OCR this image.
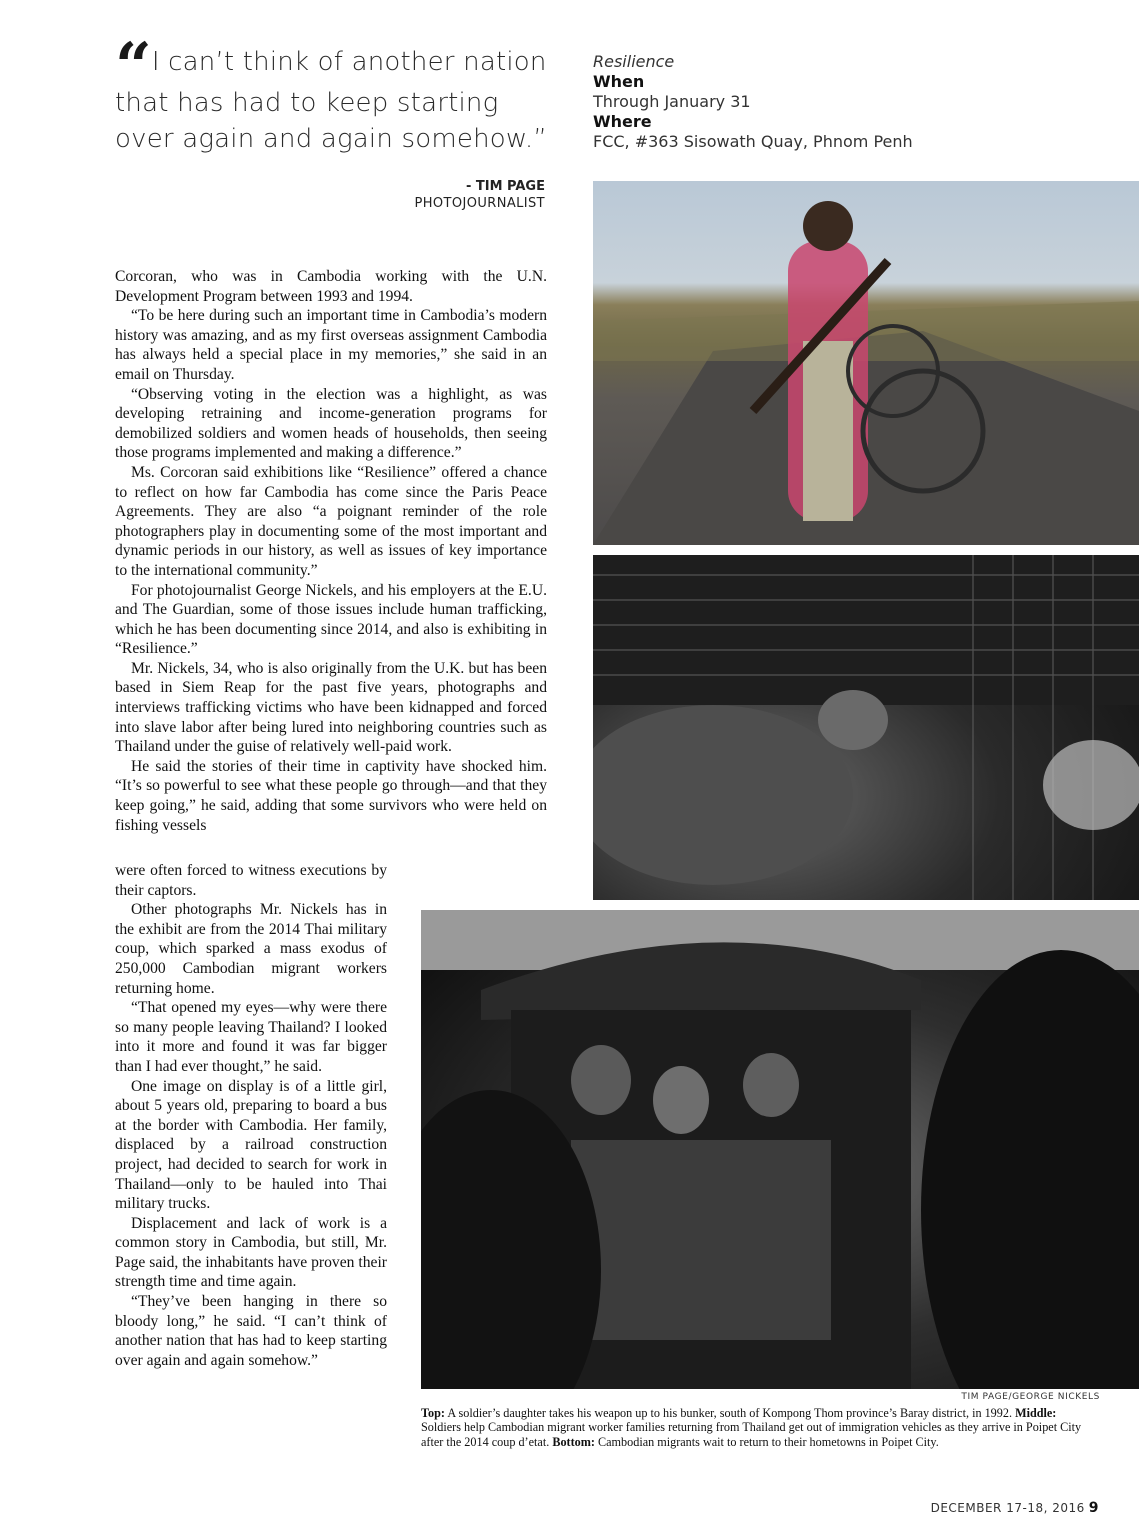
“ I can’t think of another nation that has had to keep starting over again and again somehow.”
- TIM PAGE
PHOTOJOURNALIST
Resilience
When
Through January 31
Where
FCC, #363 Sisowath Quay, Phnom Penh

Corcoran, who was in Cambodia working with the U.N. Development Program between 1993 and 1994.

“To be here during such an important time in Cambodia’s modern history was amazing, and as my first overseas assignment Cambodia has always held a special place in my memories,” she said in an email on Thursday.

“Observing voting in the election was a highlight, as was developing retraining and income-generation programs for demobilized soldiers and women heads of households, then seeing those programs implemented and making a difference.”

Ms. Corcoran said exhibitions like “Resilience” offered a chance to reflect on how far Cambodia has come since the Paris Peace Agreements. They are also “a poignant reminder of the role photographers play in documenting some of the most important and dynamic periods in our history, as well as issues of key importance to the international community.”

For photojournalist George Nickels, and his employers at the E.U. and The Guardian, some of those issues include human trafficking, which he has been documenting since 2014, and also is exhibiting in “Resilience.”

Mr. Nickels, 34, who is also originally from the U.K. but has been based in Siem Reap for the past five years, photographs and interviews trafficking victims who have been kidnapped and forced into slave labor after being lured into neighboring countries such as Thailand under the guise of relatively well-paid work.

He said the stories of their time in captivity have shocked him. “It’s so powerful to see what these people go through—and that they keep going,” he said, adding that some survivors who were held on fishing vessels

were often forced to witness executions by their captors.

Other photographs Mr. Nickels has in the exhibit are from the 2014 Thai military coup, which sparked a mass exodus of 250,000 Cambodian migrant workers returning home.

“That opened my eyes—why were there so many people leaving Thailand? I looked into it more and found it was far bigger than I had ever thought,” he said.

One image on display is of a little girl, about 5 years old, preparing to board a bus at the border with Cambodia. Her family, displaced by a railroad construction project, had decided to search for work in Thailand—only to be hauled into Thai military trucks.

Displacement and lack of work is a common story in Cambodia, but still, Mr. Page said, the inhabitants have proven their strength time and time again.

“They’ve been hanging in there so bloody long,” he said. “I can’t think of another nation that has had to keep starting over again and again somehow.”

TIM PAGE/GEORGE NICKELS
Top: A soldier’s daughter takes his weapon up to his bunker, south of Kompong Thom province’s Baray district, in 1992. Middle: Soldiers help Cambodian migrant worker families returning from Thailand get out of immigration vehicles as they arrive in Poipet City after the 2014 coup d’etat. Bottom: Cambodian migrants wait to return to their hometowns in Poipet City.
DECEMBER 17-18, 2016 9
